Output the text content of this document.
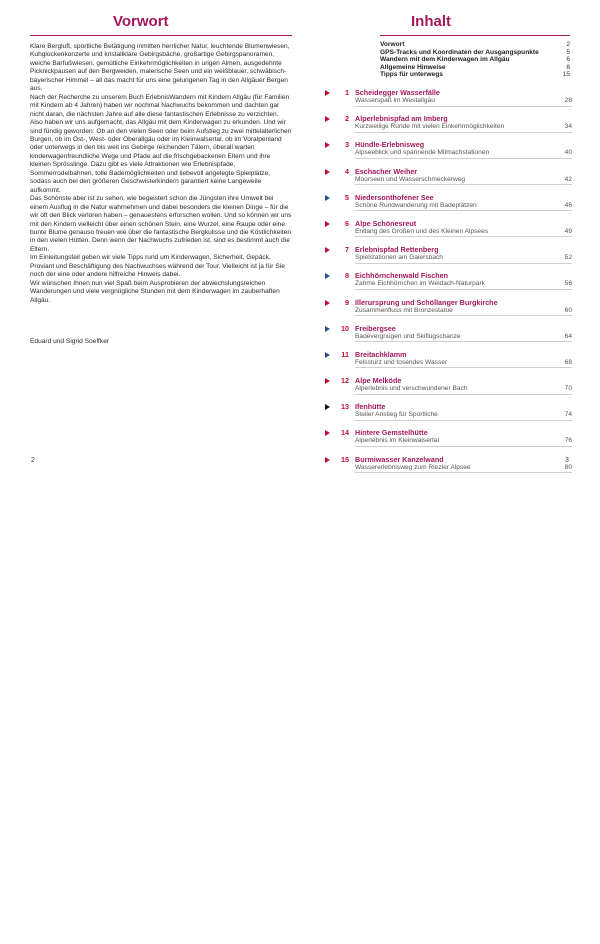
Vorwort

Klare Bergluft, sportliche Betätigung inmitten herrlicher Natur, leuchtende Blumenwiesen, Kuhglockenkonzerte und kristallklare Gebirgsbäche, großartige Gebirgspanoramen, weiche Barfußwiesen, gemütliche Einkehrmöglichkeiten in urigen Almen, ausgedehnte Picknickpausen auf den Bergweiden, malerische Seen und ein weißblauer, schwäbisch-bayerischer Himmel – all das macht für uns eine gelungenen Tag in den Allgäuer Bergen aus.

Nach der Recherche zu unserem Buch ErlebnisWandern mit Kindern Allgäu (für Familien mit Kindern ab 4 Jahren) haben wir nochmal Nachwuchs bekommen und dachten gar nicht daran, die nächsten Jahre auf alle diese fantastischen Erlebnisse zu verzichten. Also haben wir uns aufgemacht, das Allgäu mit dem Kinderwagen zu erkunden. Und wir sind fündig geworden: Ob an den vielen Seen oder beim Aufstieg zu zwei mittelalterlichen Burgen, ob im Ost-, West- oder Oberallgäu oder im Kleinwalsertal, ob im Voralpenland oder unterwegs in den bis weit ins Gebirge reichenden Tälern, überall warten kinderwagenfreundliche Wege und Pfade auf die frischgebackenen Eltern und ihre kleinen Sprösslinge. Dazu gibt es viele Attraktionen wie Erlebnispfade, Sommerrodelbahnen, tolle Bademöglichkeiten und liebevoll angelegte Spielplätze, sodass auch bei den größeren Geschwisterkindern garantiert keine Langeweile aufkommt.

Das Schönste aber ist zu sehen, wie begeistert schon die Jüngsten ihre Umwelt bei einem Ausflug in die Natur wahrnehmen und dabei besonders die kleinen Dinge – für die wir oft den Blick verloren haben – genauestens erforschen wollen. Und so können wir uns mit den Kindern vielleicht über einen schönen Stein, eine Wurzel, eine Raupe oder eine bunte Blume genauso freuen wie über die fantastische Bergkulisse und die Köstlichkeiten in den vielen Hütten. Denn wenn der Nachwuchs zufrieden ist, sind es bestimmt auch die Eltern.

Im Einleitungsteil geben wir viele Tipps rund um Kinderwagen, Sicherheit, Gepäck, Proviant und Beschäftigung des Nachwuchses während der Tour. Vielleicht ist ja für Sie noch der eine oder andere hilfreiche Hinweis dabei.

Wir wünschen Ihnen nun viel Spaß beim Ausprobieren der abwechslungsreichen Wanderungen und viele vergnügliche Stunden mit dem Kinderwagen im zauberhaften Allgäu.

Eduard und Sigrid Soeffker
2
Inhalt
Vorwort	2
GPS-Tracks und Koordinaten der Ausgangspunkte	5
Wandern mit dem Kinderwagen im Allgäu	6
Allgemeine Hinweise	8
Tipps für unterwegs	15
1 Scheidegger Wasserfälle
Wasserspaß im Westallgäu	28
2 Alperlebnispfad am Imberg
Kurzweilige Runde mit vielen Einkehrmöglichkeiten	34
3 Hündle-Erlebnisweg
Alpseeblick und spannende Mitmachstationen	40
4 Eschacher Weiher
Moorseen und Wasserschmeckerweg	42
5 Niedersonthofener See
Schöne Rundwanderung mit Badeplätzen	46
6 Alpe Schönesreut
Entlang des Großen und des Kleinen Alpsees	49
7 Erlebnispfad Rettenberg
Spielstationen am Gaiersbach	52
8 Eichhörnchenwald Fischen
Zahme Eichhörnchen im Weidach-Naturpark	56
9 Illerursprung und Schöllanger Burgkirche
Zusammenfluss mit Bronzestatue	60
10 Freibergsee
Badevergnügen und Skiflugschanze	64
11 Breitachklamm
Felssturz und tosendes Wasser	68
12 Alpe Melköde
Alperlebnis und verschwundener Bach	70
13 Ifenhütte
Steiler Anstieg für Sportliche	74
14 Hintere Gemstelhütte
Alperlebnis im Kleinwalsertal	76
15 Burmiwasser Kanzelwand
Wassererlebnisweg zum Riezler Alpsee	80
3
